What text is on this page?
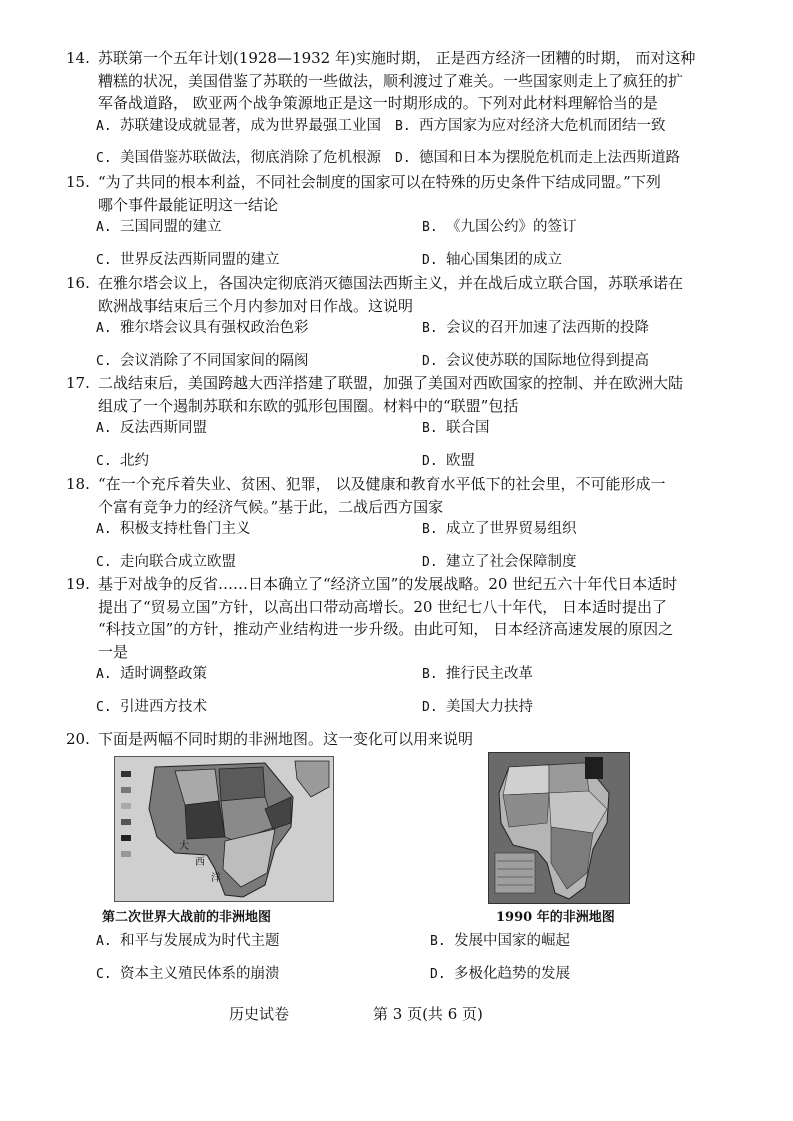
14. 苏联第一个五年计划(1928—1932 年)实施时期， 正是西方经济一团糟的时期， 而对这种
糟糕的状况，美国借鉴了苏联的一些做法，顺利渡过了难关。一些国家则走上了疯狂的扩
军备战道路， 欧亚两个战争策源地正是这一时期形成的。下列对此材料理解恰当的是
A. 苏联建设成就显著，成为世界最强工业国 B. 西方国家为应对经济大危机而团结一致
C. 美国借鉴苏联做法，彻底消除了危机根源 D. 德国和日本为摆脱危机而走上法西斯道路
15. “为了共同的根本利益，不同社会制度的国家可以在特殊的历史条件下结成同盟。”下列
哪个事件最能证明这一结论
A. 三国同盟的建立	B. 《九国公约》的签订
C. 世界反法西斯同盟的建立	D. 轴心国集团的成立
16. 在雅尔塔会议上，各国决定彻底消灭德国法西斯主义，并在战后成立联合国，苏联承诺在
欧洲战事结束后三个月内参加对日作战。这说明
A. 雅尔塔会议具有强权政治色彩	B. 会议的召开加速了法西斯的投降
C. 会议消除了不同国家间的隔阂	D. 会议使苏联的国际地位得到提高
17. 二战结束后，美国跨越大西洋搭建了联盟，加强了美国对西欧国家的控制、并在欧洲大陆
组成了一个遏制苏联和东欧的弧形包围圈。材料中的“联盟”包括
A. 反法西斯同盟	B. 联合国
C. 北约	D. 欧盟
18. “在一个充斥着失业、贫困、犯罪， 以及健康和教育水平低下的社会里，不可能形成一
个富有竞争力的经济气候。”基于此，二战后西方国家
A. 积极支持杜鲁门主义	B. 成立了世界贸易组织
C. 走向联合成立欧盟	D. 建立了社会保障制度
19. 基于对战争的反省……日本确立了“经济立国”的发展战略。20 世纪五六十年代日本适时
提出了“贸易立国”方针，以高出口带动高增长。20 世纪七八十年代， 日本适时提出了
“科技立国”的方针，推动产业结构进一步升级。由此可知， 日本经济高速发展的原因之
一是
A. 适时调整政策	B. 推行民主改革
C. 引进西方技术	D. 美国大力扶持
20. 下面是两幅不同时期的非洲地图。这一变化可以用来说明
大
西
洋
第二次世界大战前的非洲地图	1990 年的非洲地图
A. 和平与发展成为时代主题	B. 发展中国家的崛起
C. 资本主义殖民体系的崩溃	D. 多极化趋势的发展
历史试卷	第 3 页(共 6 页)
